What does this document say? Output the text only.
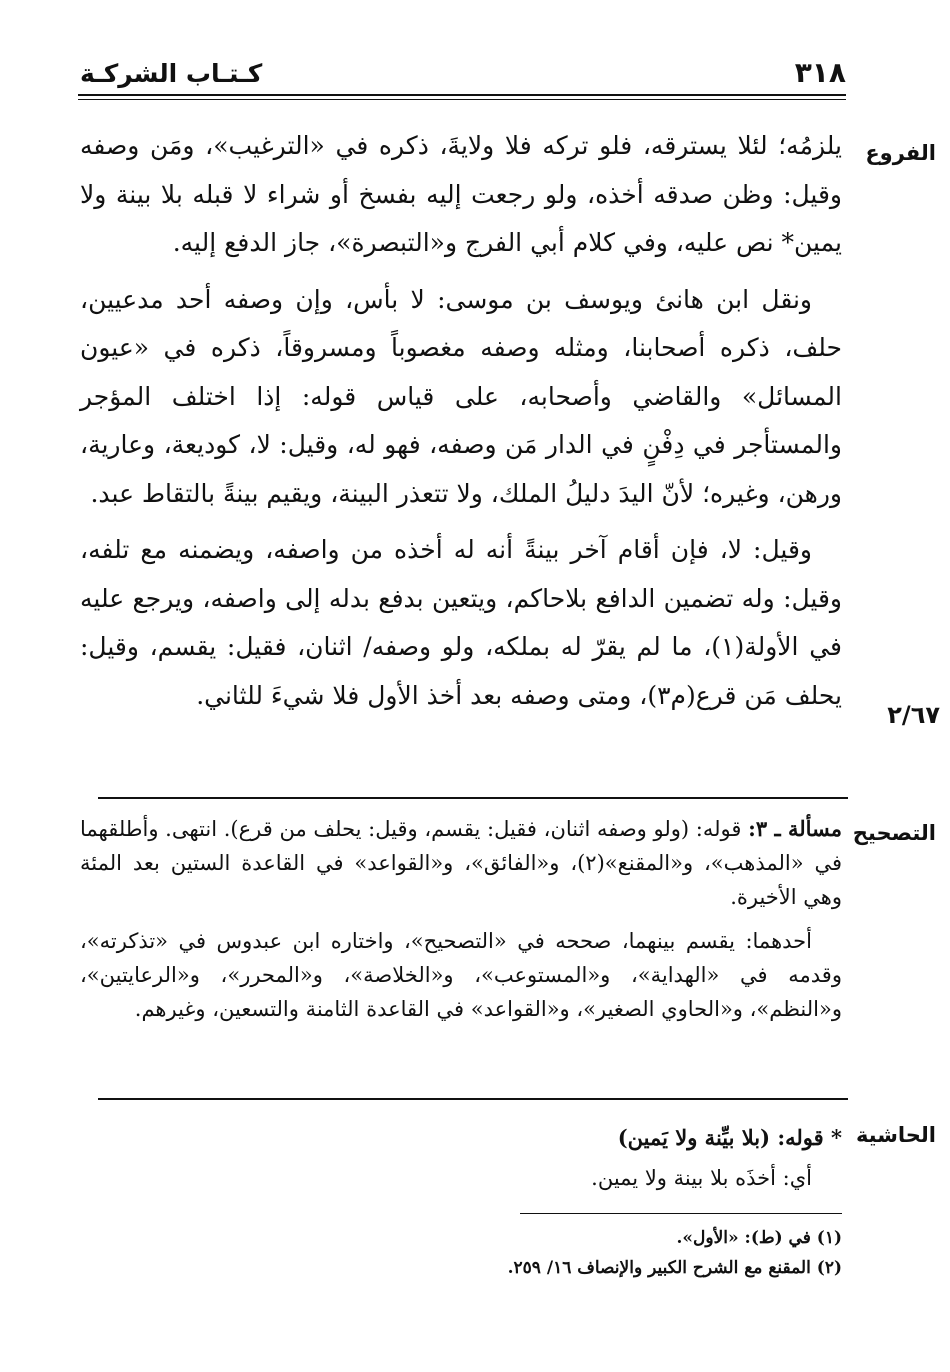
٣١٨
كـتـاب الشركـة
الفروع
٢/٦٧
التصحيح
الحاشية

يلزمُه؛ لئلا يسترقه، فلو تركه فلا ولايةَ، ذكره في «الترغيب»، ومَن وصفه وقيل: وظن صدقه أخذه، ولو رجعت إليه بفسخ أو شراء لا قبله بلا بينة ولا يمين* نص عليه، وفي كلام أبي الفرج و«التبصرة»، جاز الدفع إليه.

ونقل ابن هانئ ويوسف بن موسى: لا بأس، وإن وصفه أحد مدعيين، حلف، ذكره أصحابنا، ومثله وصفه مغصوباً ومسروقاً، ذكره في «عيون المسائل» والقاضي وأصحابه، على قياس قوله: إذا اختلف المؤجر والمستأجر في دِفْنٍ في الدار مَن وصفه، فهو له، وقيل: لا، كوديعة، وعارية، ورهن، وغيره؛ لأنّ اليدَ دليلُ الملك، ولا تتعذر البينة، ويقيم بينةً بالتقاط عبد.

وقيل: لا، فإن أقام آخر بينةً أنه له أخذه من واصفه، ويضمنه مع تلفه، وقيل: وله تضمين الدافع بلاحاكم، ويتعين بدفع بدله إلى واصفه، ويرجع عليه في الأولة(١)، ما لم يقرّ له بملكه، ولو وصفه/ اثنان، فقيل: يقسم، وقيل: يحلف مَن قرع(م٣)، ومتى وصفه بعد أخذ الأول فلا شيءَ للثاني.

مسألة ـ ٣: قوله: (ولو وصفه اثنان، فقيل: يقسم، وقيل: يحلف من قرع). انتهى. وأطلقهما في «المذهب»، و«المقنع»(٢)، و«الفائق»، و«القواعد» في القاعدة الستين بعد المئة وهي الأخيرة.

أحدهما: يقسم بينهما، صححه في «التصحيح»، واختاره ابن عبدوس في «تذكرته»، وقدمه في «الهداية»، و«المستوعب»، و«الخلاصة»، و«المحرر»، و«الرعايتين»، و«النظم»، و«الحاوي الصغير»، و«القواعد» في القاعدة الثامنة والتسعين، وغيرهم.

* قوله: (بلا بيِّنة ولا يَمين)

أي: أخذَه بلا بينة ولا يمين.

(١) في (ط): «الأول».

(٢) المقنع مع الشرح الكبير والإنصاف ١٦/ ٢٥٩.
